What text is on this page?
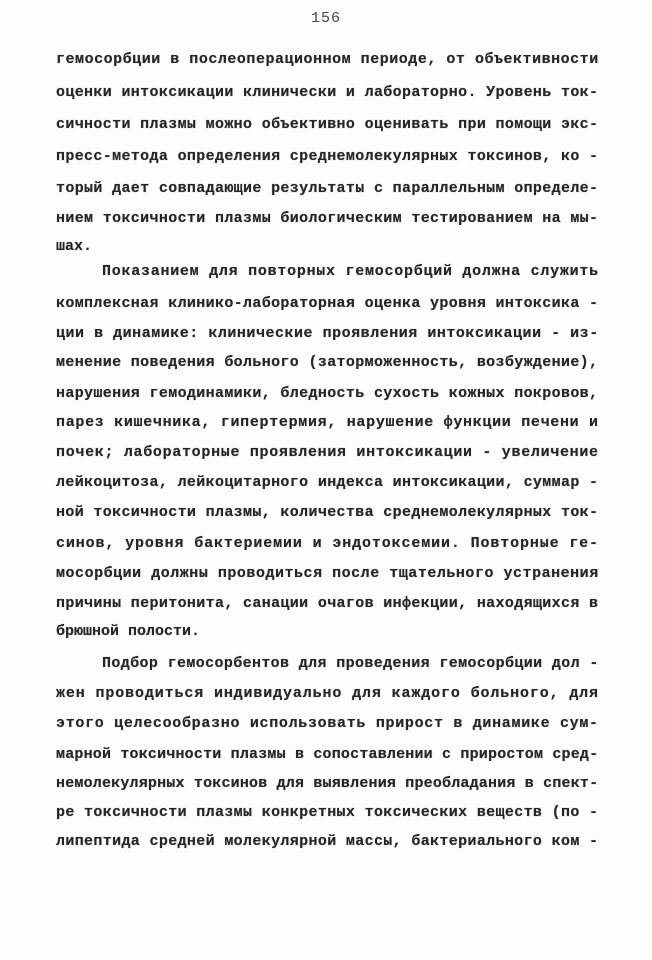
156
гемосорбции в послеоперационном периоде, от объективности
оценки интоксикации клинически и лабораторно. Уровень ток-
сичности плазмы можно объективно оценивать при помощи экс-
пресс-метода определения среднемолекулярных токсинов, ко -
торый дает совпадающие результаты с параллельным определе-
нием токсичности плазмы биологическим тестированием на мы-
шах.
Показанием для повторных гемосорбций должна служить
комплексная клинико-лабораторная оценка уровня интоксика -
ции в динамике: клинические проявления интоксикации - из-
менение поведения больного (заторможенность, возбуждение),
нарушения гемодинамики, бледность сухость кожных покровов,
парез кишечника, гипертермия, нарушение функции печени и
почек; лабораторные проявления интоксикации - увеличение
лейкоцитоза, лейкоцитарного индекса интоксикации, суммар -
ной токсичности плазмы, количества среднемолекулярных ток-
синов, уровня бактериемии и эндотоксемии. Повторные ге-
мосорбции должны проводиться после тщательного устранения
причины перитонита, санации очагов инфекции, находящихся в
брюшной полости.
Подбор гемосорбентов для проведения гемосорбции дол -
жен проводиться индивидуально для каждого больного, для
этого целесообразно использовать прирост в динамике сум-
марной токсичности плазмы в сопоставлении с приростом сред-
немолекулярных токсинов для выявления преобладания в спект-
ре токсичности плазмы конкретных токсических веществ (по -
липептида средней молекулярной массы, бактериального ком -
